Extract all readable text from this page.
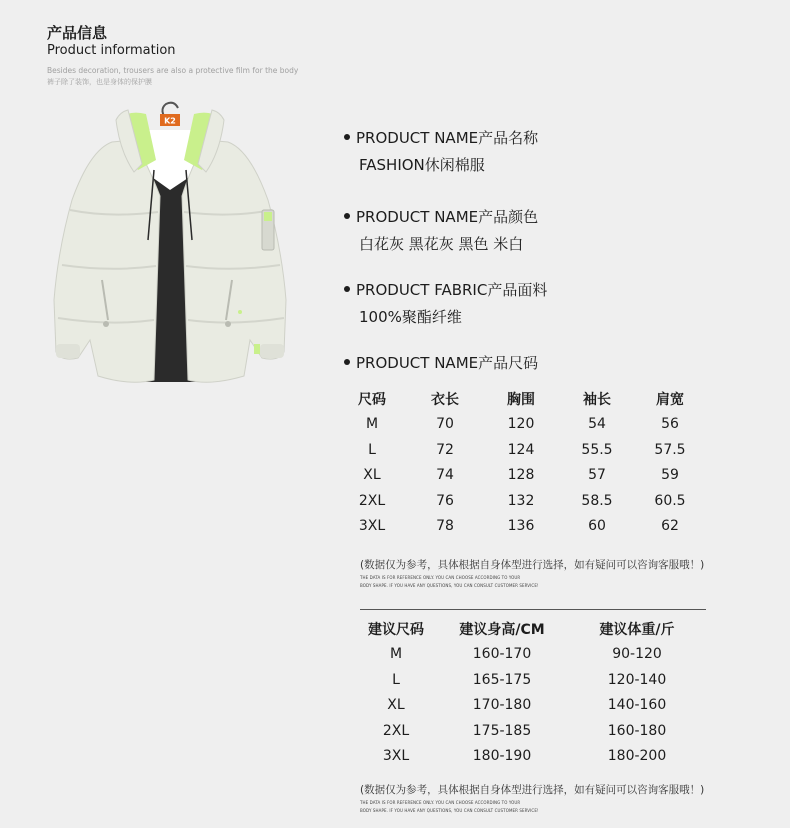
产品信息
Product information
Besides decoration, trousers are also a protective film for the body
裤子除了装饰，也是身体的保护膜
K2
PRODUCT NAME产品名称
FASHION休闲棉服
PRODUCT NAME产品颜色
白花灰 黑花灰 黑色 米白
PRODUCT FABRIC产品面料
100%聚酯纤维
PRODUCT NAME产品尺码
尺码	衣长	胸围	袖长	肩宽
M	70	120	54	56
L	72	124	55.5	57.5
XL	74	128	57	59
2XL	76	132	58.5	60.5
3XL	78	136	60	62
(数据仅为参考，具体根据自身体型进行选择，如有疑问可以咨询客服哦！)
THE DATA IS FOR REFERENCE ONLY. YOU CAN CHOOSE ACCORDING TO YOUR
BODY SHAPE. IF YOU HAVE ANY QUESTIONS, YOU CAN CONSULT CUSTOMER SERVICE!
建议尺码	建议身高/CM	建议体重/斤
M	160-170	90-120
L	165-175	120-140
XL	170-180	140-160
2XL	175-185	160-180
3XL	180-190	180-200
(数据仅为参考，具体根据自身体型进行选择，如有疑问可以咨询客服哦！)
THE DATA IS FOR REFERENCE ONLY. YOU CAN CHOOSE ACCORDING TO YOUR
BODY SHAPE. IF YOU HAVE ANY QUESTIONS, YOU CAN CONSULT CUSTOMER SERVICE!
